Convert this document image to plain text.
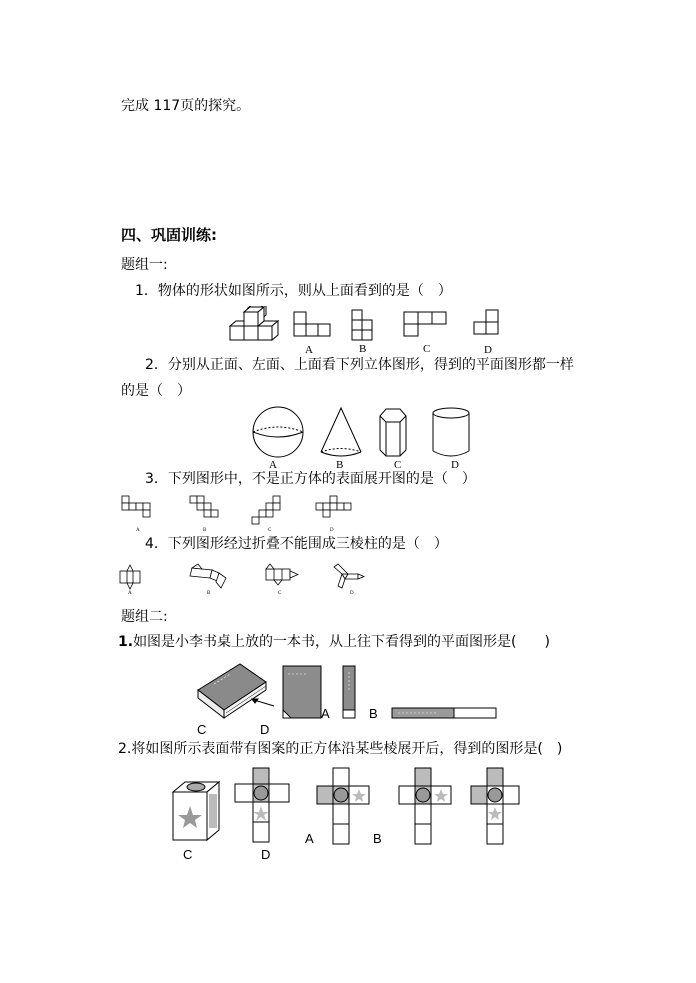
完成 117页的探究。
四、巩固训练:
题组一:
1．物体的形状如图所示，则从上面看到的是（　）
A	B	C	D
2．分别从正面、左面、上面看下列立体图形，得到的平面图形都一样
的是（　）
A	B	C	D
3．下列图形中，不是正方体的表面展开图的是（　）
A	B	C	D
4．下列图形经过折叠不能围成三棱柱的是（　）
A	B	C	D
题组二:
1.如图是小李书桌上放的一本书，从上往下看得到的平面图形是(　　)
C	D
A	B
2.将如图所示表面带有图案的正方体沿某些棱展开后，得到的图形是(　)
C	D
A	B
